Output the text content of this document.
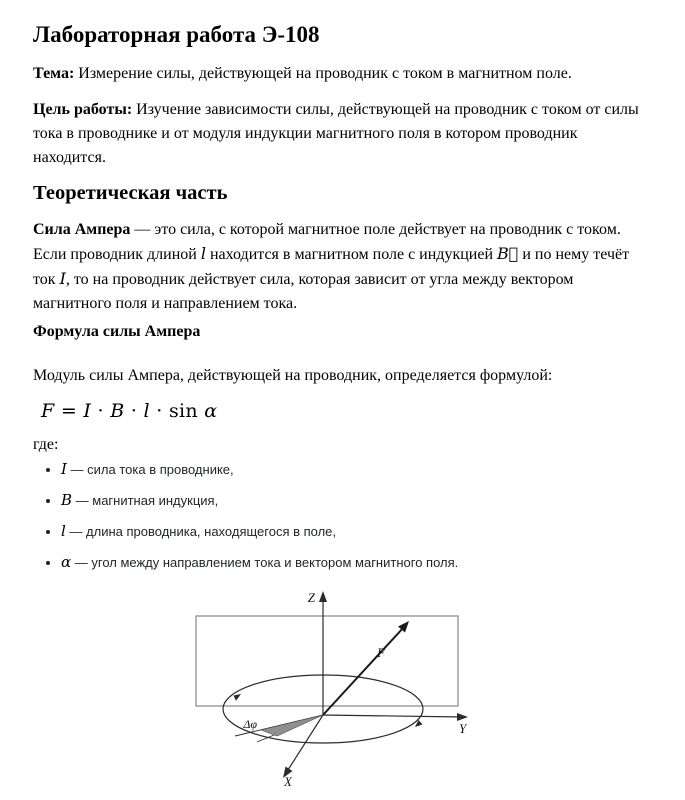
Лабораторная работа Э-108

Тема: Измерение силы, действующей на проводник с током в магнитном поле.

Цель работы: Изучение зависимости силы, действующей на проводник с током от силы тока в проводнике и от модуля индукции магнитного поля в котором проводник находится.

Теоретическая часть

Сила Ампера — это сила, с которой магнитное поле действует на проводник с током. Если проводник длиной l находится в магнитном поле с индукцией B⃗ и по нему течёт ток I, то на проводник действует сила, которая зависит от угла между вектором магнитного поля и направлением тока.

Формула силы Ампера

Модуль силы Ампера, действующей на проводник, определяется формулой:

F = I · B · l · sin α

где:

• I — сила тока в проводнике,
• B — магнитная индукция,
• l — длина проводника, находящегося в поле,
• α — угол между направлением тока и вектором магнитного поля.
Z
Y
X
F⃗
Δφ
